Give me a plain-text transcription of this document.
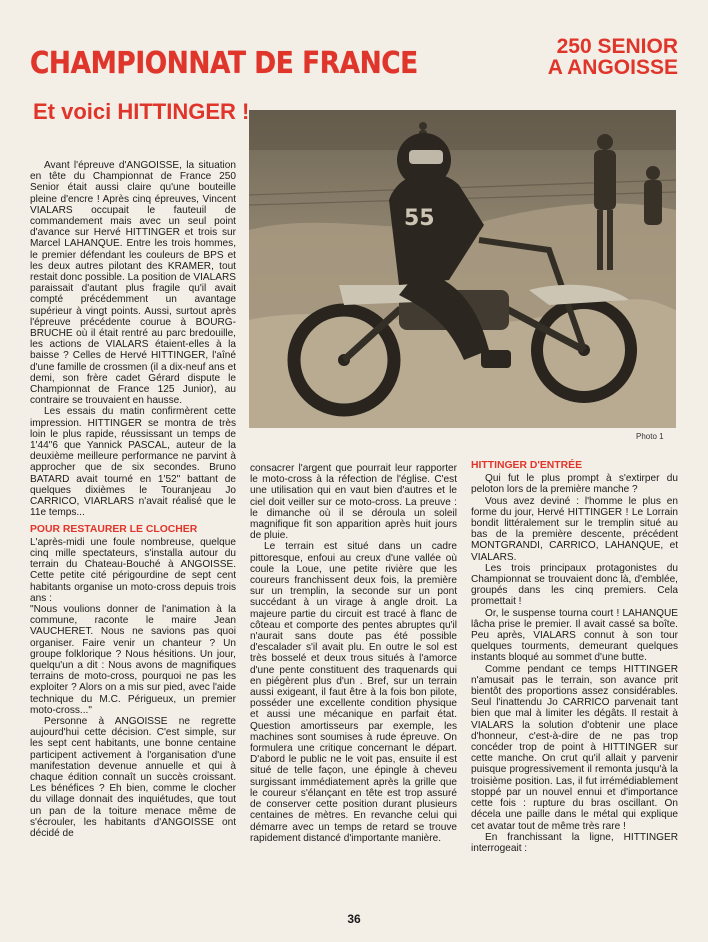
CHAMPIONNAT DE FRANCE	250 SENIOR
A ANGOISSE
Et voici HITTINGER !
55
Photo 1

Avant l'épreuve d'ANGOISSE, la situation en tête du Championnat de France 250 Senior était aussi claire qu'une bouteille pleine d'encre ! Après cinq épreuves, Vincent VIALARS occupait le fauteuil de commandement mais avec un seul point d'avance sur Hervé HITTINGER et trois sur Marcel LAHANQUE. Entre les trois hommes, le premier défendant les couleurs de BPS et les deux autres pilotant des KRAMER, tout restait donc possible. La position de VIALARS paraissait d'autant plus fragile qu'il avait compté précédemment un avantage supérieur à vingt points. Aussi, surtout après l'épreuve précédente courue à BOURG-BRUCHE où il était rentré au parc bredouille, les actions de VIALARS étaient-elles à la baisse ? Celles de Hervé HITTINGER, l'aîné d'une famille de crossmen (il a dix-neuf ans et demi, son frère cadet Gérard dispute le Championnat de France 125 Junior), au contraire se trouvaient en hausse.

Les essais du matin confirmèrent cette impression. HITTINGER se montra de très loin le plus rapide, réussissant un temps de 1'44"6 que Yannick PASCAL, auteur de la deuxième meilleure performance ne parvint à approcher que de six secondes. Bruno BATARD avait tourné en 1'52" battant de quelques dixièmes le Touranjeau Jo CARRICO, VIARLARS n'avait réalisé que le 11e temps...

POUR RESTAURER LE CLOCHER

L'après-midi une foule nombreuse, quelque cinq mille spectateurs, s'installa autour du terrain du Chateau-Bouché à ANGOISSE. Cette petite cité périgourdine de sept cent habitants organise un moto-cross depuis trois ans :

"Nous voulions donner de l'animation à la commune, raconte le maire Jean VAUCHERET. Nous ne savions pas quoi organiser. Faire venir un chanteur ? Un groupe folklorique ? Nous hésitions. Un jour, quelqu'un a dit : Nous avons de magnifiques terrains de moto-cross, pourquoi ne pas les exploiter ? Alors on a mis sur pied, avec l'aide technique du M.C. Périgueux, un premier moto-cross..."

Personne à ANGOISSE ne regrette aujourd'hui cette décision. C'est simple, sur les sept cent habitants, une bonne centaine participent activement à l'organisation d'une manifestation devenue annuelle et qui à chaque édition connaît un succès croissant. Les bénéfices ? Eh bien, comme le clocher du village donnait des inquiétudes, que tout un pan de la toiture menace même de s'écrouler, les habitants d'ANGOISSE ont décidé de

consacrer l'argent que pourrait leur rapporter le moto-cross à la réfection de l'église. C'est une utilisation qui en vaut bien d'autres et le ciel doit veiller sur ce moto-cross. La preuve : le dimanche où il se déroula un soleil magnifique fit son apparition après huit jours de pluie.

Le terrain est situé dans un cadre pittoresque, enfoui au creux d'une vallée où coule la Loue, une petite rivière que les coureurs franchissent deux fois, la première sur un tremplin, la seconde sur un pont succédant à un virage à angle droit. La majeure partie du circuit est tracé à flanc de côteau et comporte des pentes abruptes qu'il n'aurait sans doute pas été possible d'escalader s'il avait plu. En outre le sol est très bosselé et deux trous situés à l'amorce d'une pente constituent des traquenards qui en piégèrent plus d'un . Bref, sur un terrain aussi exigeant, il faut être à la fois bon pilote, posséder une excellente condition physique et aussi une mécanique en parfait état. Question amortisseurs par exemple, les machines sont soumises à rude épreuve. On formulera une critique concernant le départ. D'abord le public ne le voit pas, ensuite il est situé de telle façon, une épingle à cheveu surgissant immédiatement après la grille que le coureur s'élançant en tête est trop assuré de conserver cette position durant plusieurs centaines de mètres. En revanche celui qui démarre avec un temps de retard se trouve rapidement distancé d'importante manière.

HITTINGER D'ENTRÉE

Qui fut le plus prompt à s'extirper du peloton lors de la première manche ?

Vous avez deviné : l'homme le plus en forme du jour, Hervé HITTINGER ! Le Lorrain bondit littéralement sur le tremplin situé au bas de la première descente, précédent MONTGRANDI, CARRICO, LAHANQUE, et VIALARS.

Les trois principaux protagonistes du Championnat se trouvaient donc là, d'emblée, groupés dans les cinq premiers. Cela promettait !

Or, le suspense tourna court ! LAHANQUE lâcha prise le premier. Il avait cassé sa boîte. Peu après, VIALARS connut à son tour quelques tourments, demeurant quelques instants bloqué au sommet d'une butte.

Comme pendant ce temps HITTINGER n'amusait pas le terrain, son avance prit bientôt des proportions assez considérables. Seul l'inattendu Jo CARRICO parvenait tant bien que mal à limiter les dégâts. Il restait à VIALARS la solution d'obtenir une place d'honneur, c'est-à-dire de ne pas trop concéder trop de point à HITTINGER sur cette manche. On crut qu'il allait y parvenir puisque progressivement il remonta jusqu'à la troisième position. Las, il fut irrémédiablement stoppé par un nouvel ennui et d'importance cette fois : rupture du bras oscillant. On décela une paille dans le métal qui explique cet avatar tout de même très rare !

En franchissant la ligne, HITTINGER interrogeait :

36
